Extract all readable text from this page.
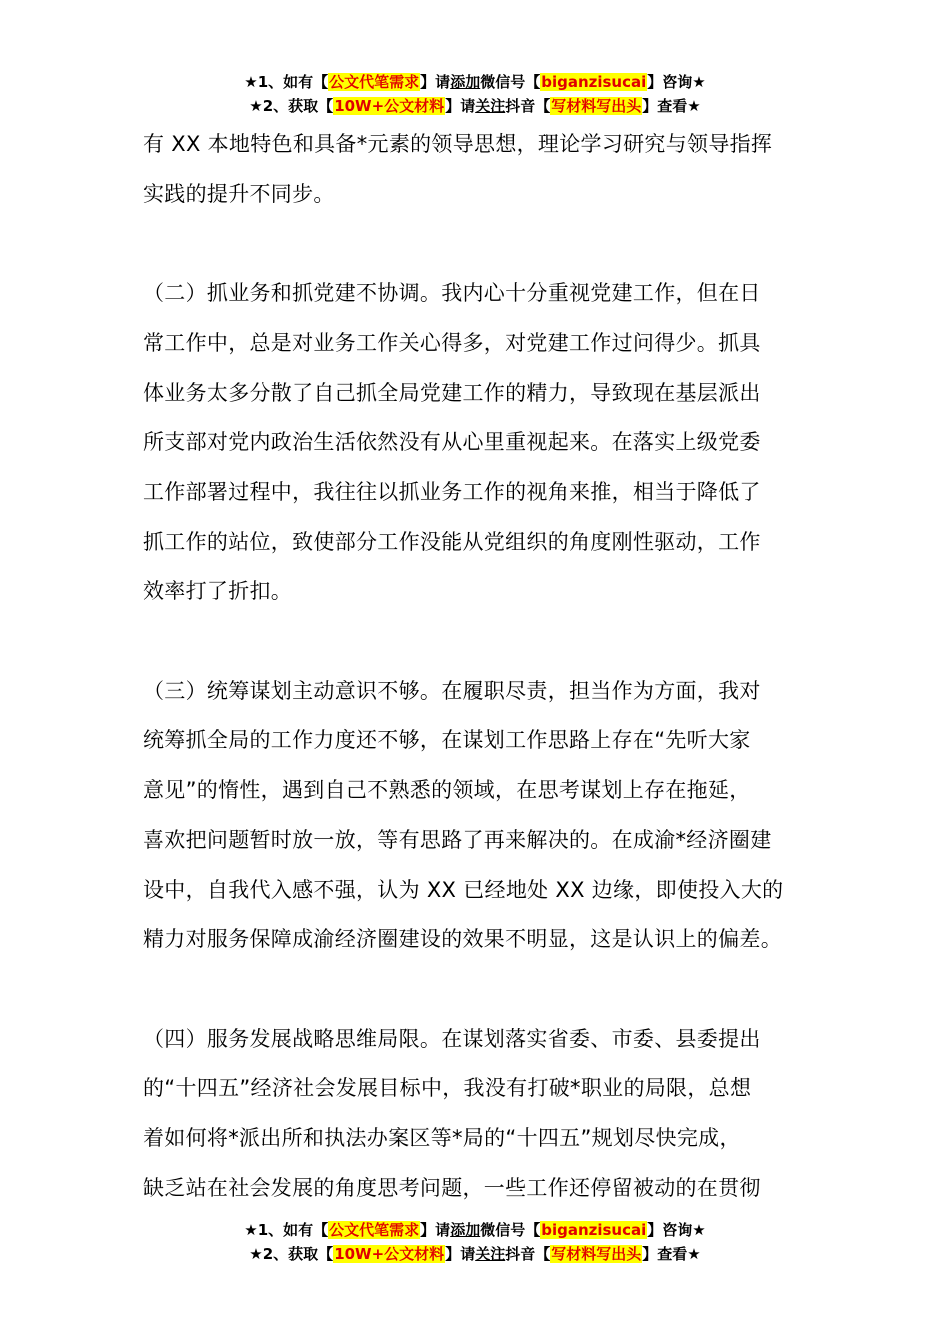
★1、如有【公文代笔需求】请添加微信号【biganzisucai】咨询★
★2、获取【10W+公文材料】请关注抖音【写材料写出头】查看★

有 XX 本地特色和具备*元素的领导思想，理论学习研究与领导指挥
实践的提升不同步。

（二）抓业务和抓党建不协调。我内心十分重视党建工作，但在日
常工作中，总是对业务工作关心得多，对党建工作过问得少。抓具
体业务太多分散了自己抓全局党建工作的精力，导致现在基层派出
所支部对党内政治生活依然没有从心里重视起来。在落实上级党委
工作部署过程中，我往往以抓业务工作的视角来推，相当于降低了
抓工作的站位，致使部分工作没能从党组织的角度刚性驱动，工作
效率打了折扣。

（三）统筹谋划主动意识不够。在履职尽责，担当作为方面，我对
统筹抓全局的工作力度还不够，在谋划工作思路上存在“先听大家
意见”的惰性，遇到自己不熟悉的领域，在思考谋划上存在拖延，
喜欢把问题暂时放一放，等有思路了再来解决的。在成渝*经济圈建
设中，自我代入感不强，认为 XX 已经地处 XX 边缘，即使投入大的
精力对服务保障成渝经济圈建设的效果不明显，这是认识上的偏差。

（四）服务发展战略思维局限。在谋划落实省委、市委、县委提出
的“十四五”经济社会发展目标中，我没有打破*职业的局限，总想
着如何将*派出所和执法办案区等*局的“十四五”规划尽快完成，
缺乏站在社会发展的角度思考问题，一些工作还停留被动的在贯彻

★1、如有【公文代笔需求】请添加微信号【biganzisucai】咨询★
★2、获取【10W+公文材料】请关注抖音【写材料写出头】查看★
